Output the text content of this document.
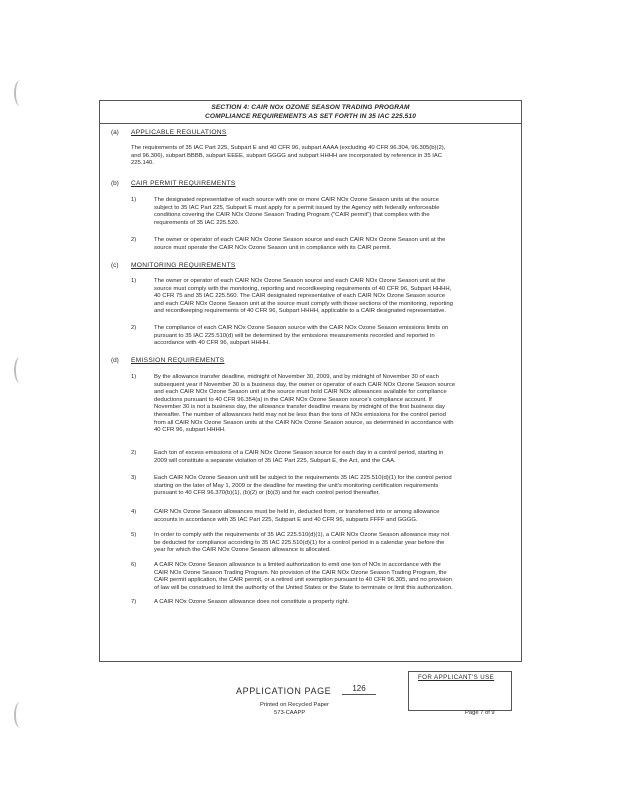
SECTION 4: CAIR NOx OZONE SEASON TRADING PROGRAM
COMPLIANCE REQUIREMENTS AS SET FORTH IN 35 IAC 225.510
(a) APPLICABLE REGULATIONS
The requirements of 35 IAC Part 225, Subpart E and 40 CFR 96, subpart AAAA (excluding 40 CFR 96.304, 96.305(b)(2),
and 96.306), subpart BBBB, subpart EEEE, subpart GGGG and subpart HHHH are incorporated by reference in 35 IAC
225.140.
(b) CAIR PERMIT REQUIREMENTS
1)	The designated representative of each source with one or more CAIR NOx Ozone Season units at the source
subject to 35 IAC Part 225, Subpart E must apply for a permit issued by the Agency with federally enforceable
conditions covering the CAIR NOx Ozone Season Trading Program ("CAIR permit") that complies with the
requirements of 35 IAC 225.520.
2)	The owner or operator of each CAIR NOx Ozone Season source and each CAIR NOx Ozone Season unit at the
source must operate the CAIR NOx Ozone Season unit in compliance with its CAIR permit.
(c) MONITORING REQUIREMENTS
1)	The owner or operator of each CAIR NOx Ozone Season source and each CAIR NOx Ozone Season unit at the
source must comply with the monitoring, reporting and recordkeeping requirements of 40 CFR 96, Subpart HHHH,
40 CFR 75 and 35 IAC 225.560. The CAIR designated representative of each CAIR NOx Ozone Season source
and each CAIR NOx Ozone Season unit at the source must comply with those sections of the monitoring, reporting
and recordkeeping requirements of 40 CFR 96, Subpart HHHH, applicable to a CAIR designated representative.
2)	The compliance of each CAIR NOx Ozone Season source with the CAIR NOx Ozone Season emissions limits on
pursuant to 35 IAC 225.510(d) will be determined by the emissions measurements recorded and reported in
accordance with 40 CFR 96, subpart HHHH.
(d) EMISSION REQUIREMENTS
1)	By the allowance transfer deadline, midnight of November 30, 2009, and by midnight of November 30 of each
subsequent year if November 30 is a business day, the owner or operator of each CAIR NOx Ozone Season source
and each CAIR NOx Ozone Season unit at the source must hold CAIR NOx allowances available for compliance
deductions pursuant to 40 CFR 96.354(a) in the CAIR NOx Ozone Season source's compliance account. If
November 30 is not a business day, the allowance transfer deadline means by midnight of the first business day
thereafter. The number of allowances held may not be less than the tons of NOx emissions for the control period
from all CAIR NOx Ozone Season units at the CAIR NOx Ozone Season source, as determined in accordance with
40 CFR 96, subpart HHHH.
2)	Each ton of excess emissions of a CAIR NOx Ozone Season source for each day in a control period, starting in
2009 will constitute a separate violation of 35 IAC Part 225, Subpart E, the Act, and the CAA.
3)	Each CAIR NOx Ozone Season unit will be subject to the requirements 35 IAC 225.510(d)(1) for the control period
starting on the later of May 1, 2009 or the deadline for meeting the unit's monitoring certification requirements
pursuant to 40 CFR 96.370(b)(1), (b)(2) or (b)(3) and for each control period thereafter.
4)	CAIR NOx Ozone Season allowances must be held in, deducted from, or transferred into or among allowance
accounts in accordance with 35 IAC Part 225, Subpart E and 40 CFR 96, subparts FFFF and GGGG.
5)	In order to comply with the requirements of 35 IAC 225.510(d)(1), a CAIR NOx Ozone Season allowance may not
be deducted for compliance according to 35 IAC 225.510(d)(1) for a control period in a calendar year before the
year for which the CAIR NOx Ozone Season allowance is allocated.
6)	A CAIR NOx Ozone Season allowance is a limited authorization to emit one ton of NOx in accordance with the
CAIR NOx Ozone Season Trading Program. No provision of the CAIR NOx Ozone Season Trading Program, the
CAIR permit application, the CAIR permit, or a retired unit exemption pursuant to 40 CFR 96.305, and no provision
of law will be construed to limit the authority of the United States or the State to terminate or limit this authorization.
7)	A CAIR NOx Ozone Season allowance does not constitute a property right.
APPLICATION PAGE	126
FOR APPLICANT'S USE
Printed on Recycled Paper
573-CAAPP	Page 7 of 9
